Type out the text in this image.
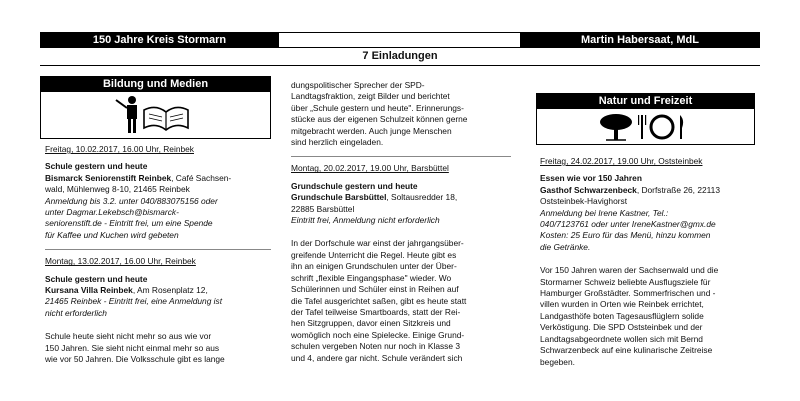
150 Jahre Kreis Stormarn	Martin Habersaat, MdL
7 Einladungen
Bildung und Medien

Freitag, 10.02.2017, 16.00 Uhr, Reinbek

Schule gestern und heute

Bismarck Seniorenstift Reinbek, Café Sachsen-

wald, Mühlenweg 8-10, 21465 Reinbek

Anmeldung bis 3.2. unter 040/883075156 oder

unter Dagmar.Lekebsch@bismarck-

seniorenstift.de - Eintritt frei, um eine Spende

für Kaffee und Kuchen wird gebeten

Montag, 13.02.2017, 16.00 Uhr, Reinbek

Schule gestern und heute

Kursana Villa Reinbek, Am Rosenplatz 12,

21465 Reinbek - Eintritt frei, eine Anmeldung ist

nicht erforderlich

Schule heute sieht nicht mehr so aus wie vor

150 Jahren. Sie sieht nicht einmal mehr so aus

wie vor 50 Jahren. Die Volksschule gibt es lange

dungspolitischer Sprecher der SPD-

Landtagsfraktion, zeigt Bilder und berichtet

über „Schule gestern und heute". Erinnerungs-

stücke aus der eigenen Schulzeit können gerne

mitgebracht werden. Auch junge Menschen

sind herzlich eingeladen.

Montag, 20.02.2017, 19.00 Uhr, Barsbüttel

Grundschule gestern und heute

Grundschule Barsbüttel, Soltausredder 18,

22885 Barsbüttel

Eintritt frei, Anmeldung nicht erforderlich

In der Dorfschule war einst der jahrgangsüber-

greifende Unterricht die Regel. Heute gibt es

ihn an einigen Grundschulen unter der Über-

schrift „flexible Eingangsphase" wieder. Wo

Schülerinnen und Schüler einst in Reihen auf

die Tafel ausgerichtet saßen, gibt es heute statt

der Tafel teilweise Smartboards, statt der Rei-

hen Sitzgruppen, davor einen Sitzkreis und

womöglich noch eine Spielecke. Einige Grund-

schulen vergeben Noten nur noch in Klasse 3

und 4, andere gar nicht. Schule verändert sich

Natur und Freizeit

Freitag, 24.02.2017, 19.00 Uhr, Oststeinbek

Essen wie vor 150 Jahren

Gasthof Schwarzenbeck, Dorfstraße 26, 22113

Oststeinbek-Havighorst

Anmeldung bei Irene Kastner, Tel.:

040/7123761 oder unter IreneKastner@gmx.de

Kosten: 25 Euro für das Menü, hinzu kommen

die Getränke.

Vor 150 Jahren waren der Sachsenwald und die

Stormarner Schweiz beliebte Ausflugsziele für

Hamburger Großstädter. Sommerfrischen und -

villen wurden in Orten wie Reinbek errichtet,

Landgasthöfe boten Tagesausflüglern solide

Verköstigung. Die SPD Oststeinbek und der

Landtagsabgeordnete wollen sich mit Bernd

Schwarzenbeck auf eine kulinarische Zeitreise

begeben.
